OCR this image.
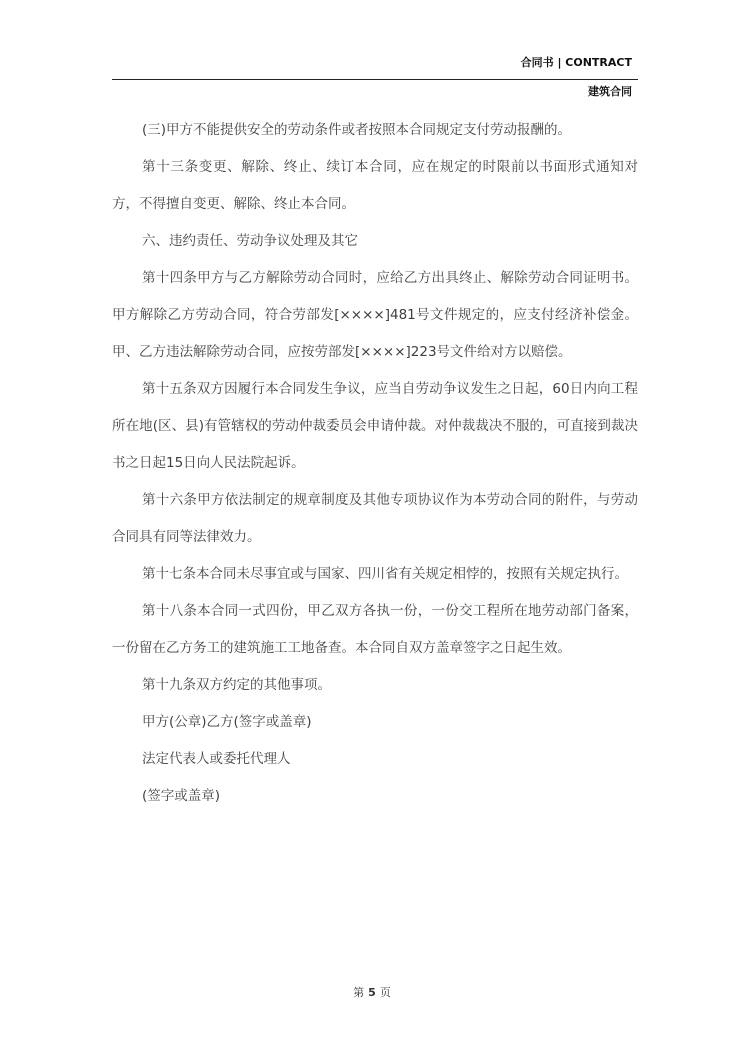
合同书 | CONTRACT
建筑合同

(三)甲方不能提供安全的劳动条件或者按照本合同规定支付劳动报酬的。

第十三条变更、解除、终止、续订本合同，应在规定的时限前以书面形式通知对方，不得擅自变更、解除、终止本合同。

六、违约责任、劳动争议处理及其它

第十四条甲方与乙方解除劳动合同时，应给乙方出具终止、解除劳动合同证明书。甲方解除乙方劳动合同，符合劳部发[××××]481号文件规定的，应支付经济补偿金。甲、乙方违法解除劳动合同，应按劳部发[××××]223号文件给对方以赔偿。

第十五条双方因履行本合同发生争议，应当自劳动争议发生之日起，60日内向工程所在地(区、县)有管辖权的劳动仲裁委员会申请仲裁。对仲裁裁决不服的，可直接到裁决书之日起15日向人民法院起诉。

第十六条甲方依法制定的规章制度及其他专项协议作为本劳动合同的附件，与劳动合同具有同等法律效力。

第十七条本合同未尽事宜或与国家、四川省有关规定相悖的，按照有关规定执行。

第十八条本合同一式四份，甲乙双方各执一份，一份交工程所在地劳动部门备案，一份留在乙方务工的建筑施工工地备查。本合同自双方盖章签字之日起生效。

第十九条双方约定的其他事项。

甲方(公章)乙方(签字或盖章)

法定代表人或委托代理人

(签字或盖章)

第 5 页
